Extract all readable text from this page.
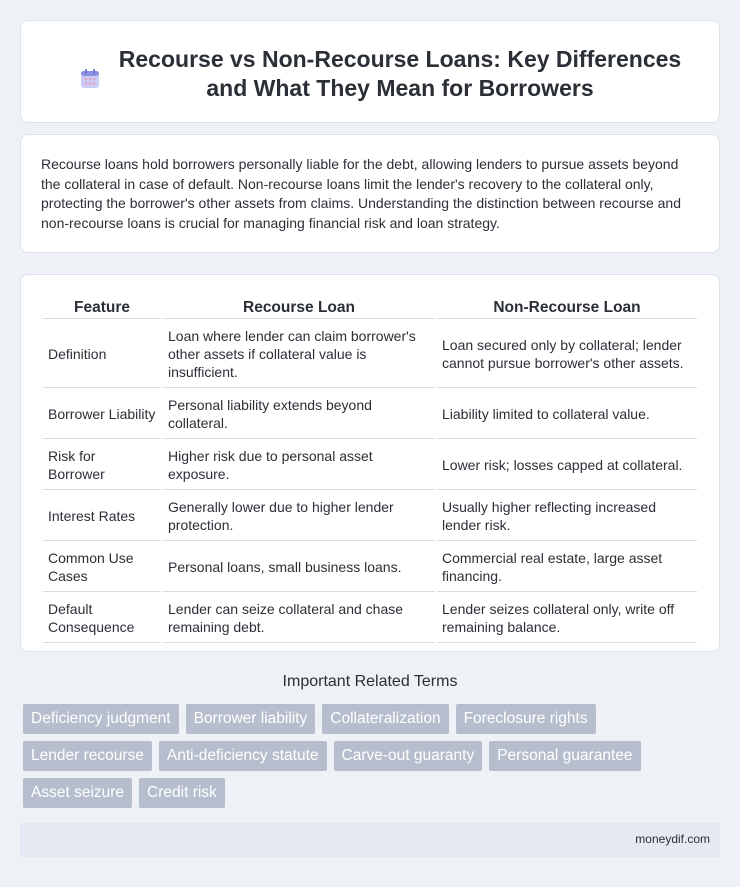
Recourse vs Non-Recourse Loans: Key Differences and What They Mean for Borrowers

Recourse loans hold borrowers personally liable for the debt, allowing lenders to pursue assets beyond the collateral in case of default. Non-recourse loans limit the lender's recovery to the collateral only, protecting the borrower's other assets from claims. Understanding the distinction between recourse and non-recourse loans is crucial for managing financial risk and loan strategy.

Feature	Recourse Loan	Non-Recourse Loan
Definition	Loan where lender can claim borrower's other assets if collateral value is insufficient.	Loan secured only by collateral; lender cannot pursue borrower's other assets.
Borrower Liability	Personal liability extends beyond collateral.	Liability limited to collateral value.
Risk for Borrower	Higher risk due to personal asset exposure.	Lower risk; losses capped at collateral.
Interest Rates	Generally lower due to higher lender protection.	Usually higher reflecting increased lender risk.
Common Use Cases	Personal loans, small business loans.	Commercial real estate, large asset financing.
Default Consequence	Lender can seize collateral and chase remaining debt.	Lender seizes collateral only, write off remaining balance.
Important Related Terms
Deficiency judgment	Borrower liability	Collateralization	Foreclosure rights
Lender recourse	Anti-deficiency statute	Carve-out guaranty	Personal guarantee
Asset seizure	Credit risk
moneydif.com
